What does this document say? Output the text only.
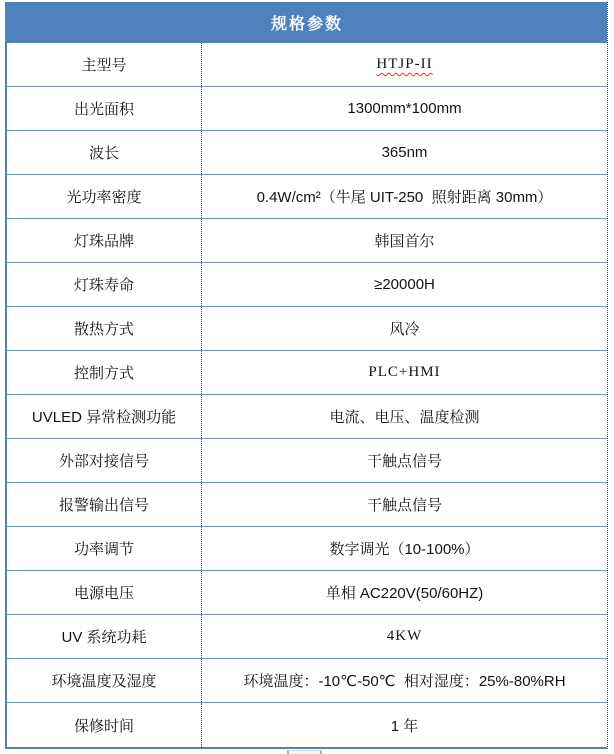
规格参数
主型号	HTJP-II
出光面积	1300mm*100mm
波长	365nm
光功率密度	0.4W/cm²（牛尾 UIT-250  照射距离 30mm）
灯珠品牌	韩国首尔
灯珠寿命	≥20000H
散热方式	风冷
控制方式	PLC+HMI
UVLED 异常检测功能	电流、电压、温度检测
外部对接信号	干触点信号
报警输出信号	干触点信号
功率调节	数字调光（10-100%）
电源电压	单相 AC220V(50/60HZ)
UV 系统功耗	4KW
环境温度及湿度	环境温度：-10℃-50℃  相对湿度：25%-80%RH
保修时间	1 年
